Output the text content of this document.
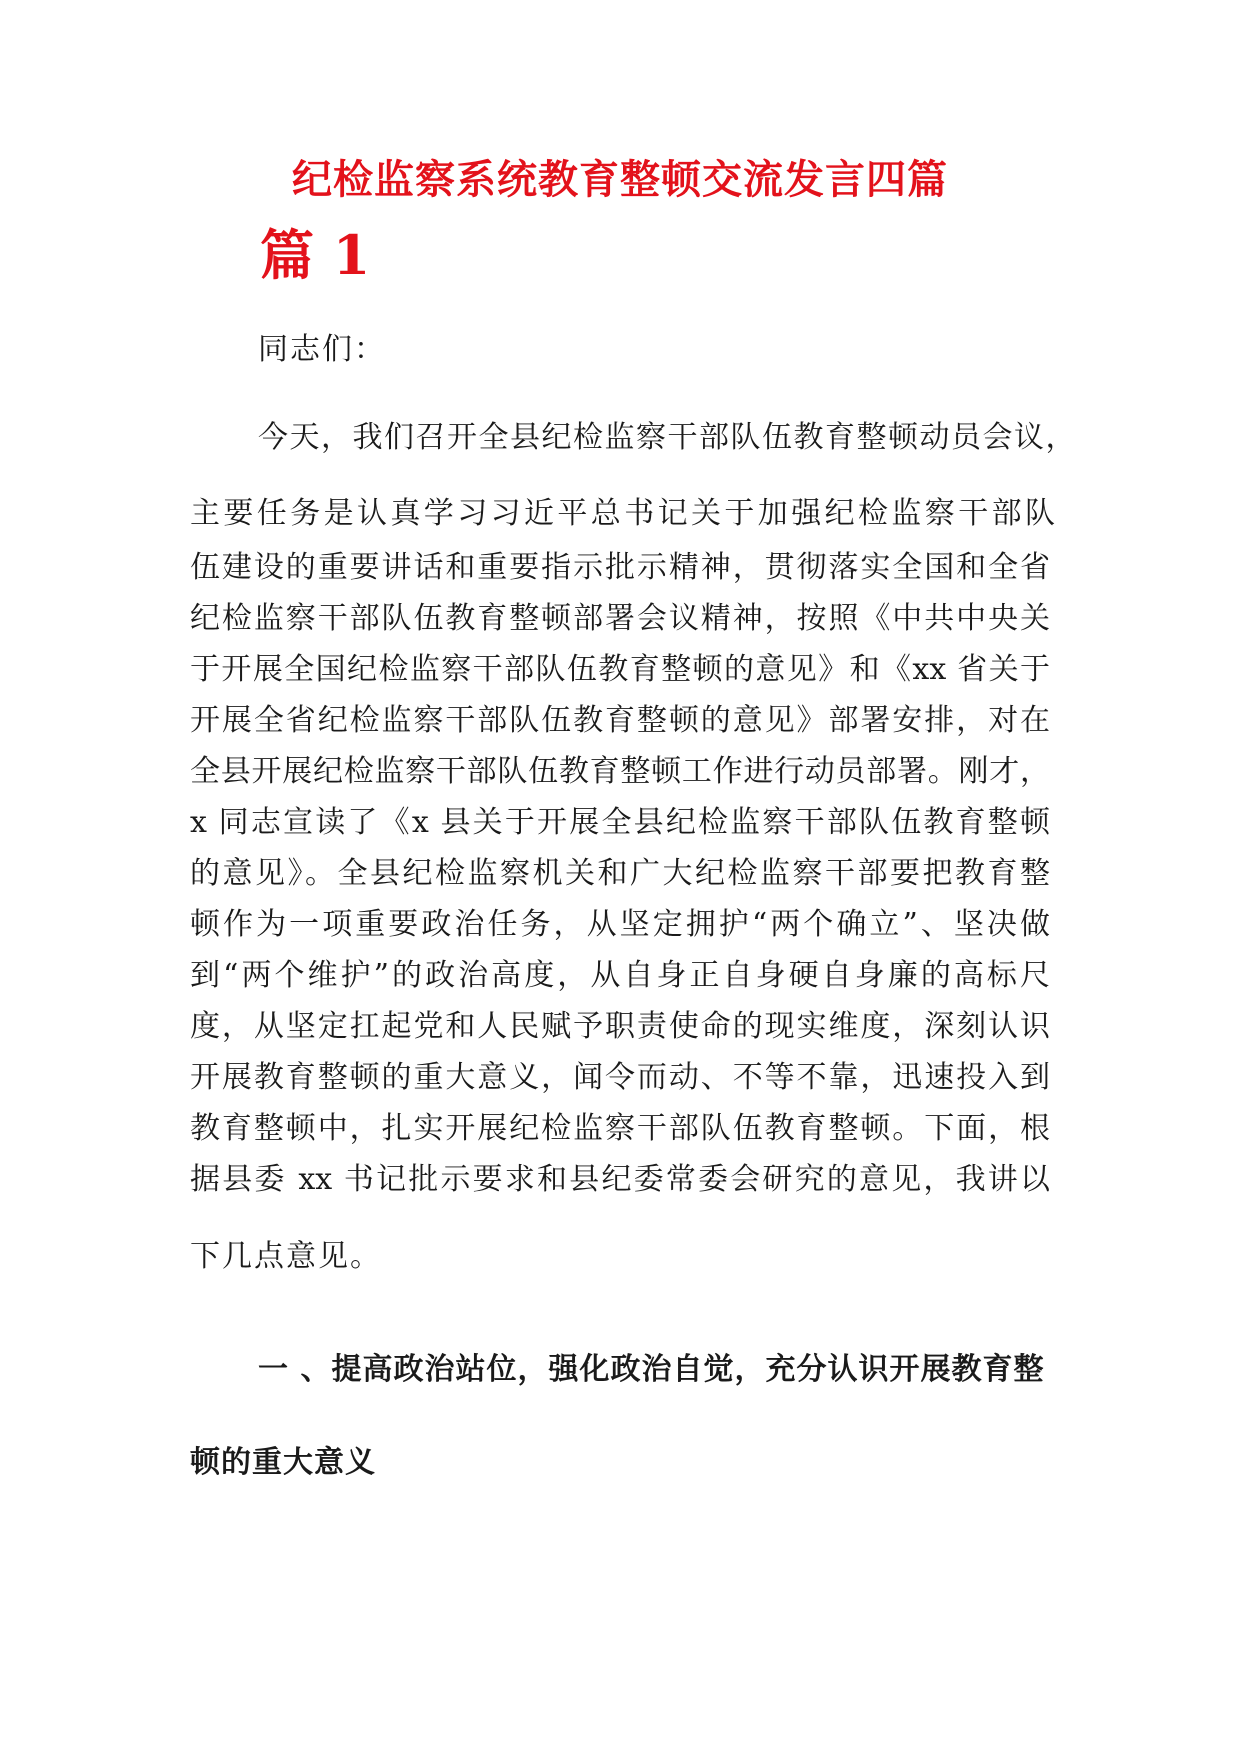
纪检监察系统教育整顿交流发言四篇
篇 1

同志们：

今天，我们召开全县纪检监察干部队伍教育整顿动员会议，

主要任务是认真学习习近平总书记关于加强纪检监察干部队

伍建设的重要讲话和重要指示批示精神，贯彻落实全国和全省

纪检监察干部队伍教育整顿部署会议精神，按照《中共中央关

于开展全国纪检监察干部队伍教育整顿的意见》和《xx 省关于

开展全省纪检监察干部队伍教育整顿的意见》部署安排，对在

全县开展纪检监察干部队伍教育整顿工作进行动员部署。刚才，

x 同志宣读了《x 县关于开展全县纪检监察干部队伍教育整顿

的意见》。全县纪检监察机关和广大纪检监察干部要把教育整

顿作为一项重要政治任务，从坚定拥护“两个确立”、坚决做

到“两个维护”的政治高度，从自身正自身硬自身廉的高标尺

度，从坚定扛起党和人民赋予职责使命的现实维度，深刻认识

开展教育整顿的重大意义，闻令而动、不等不靠，迅速投入到

教育整顿中，扎实开展纪检监察干部队伍教育整顿。下面，根

据县委 xx 书记批示要求和县纪委常委会研究的意见，我讲以

下几点意见。

一 、提高政治站位，强化政治自觉，充分认识开展教育整

顿的重大意义
